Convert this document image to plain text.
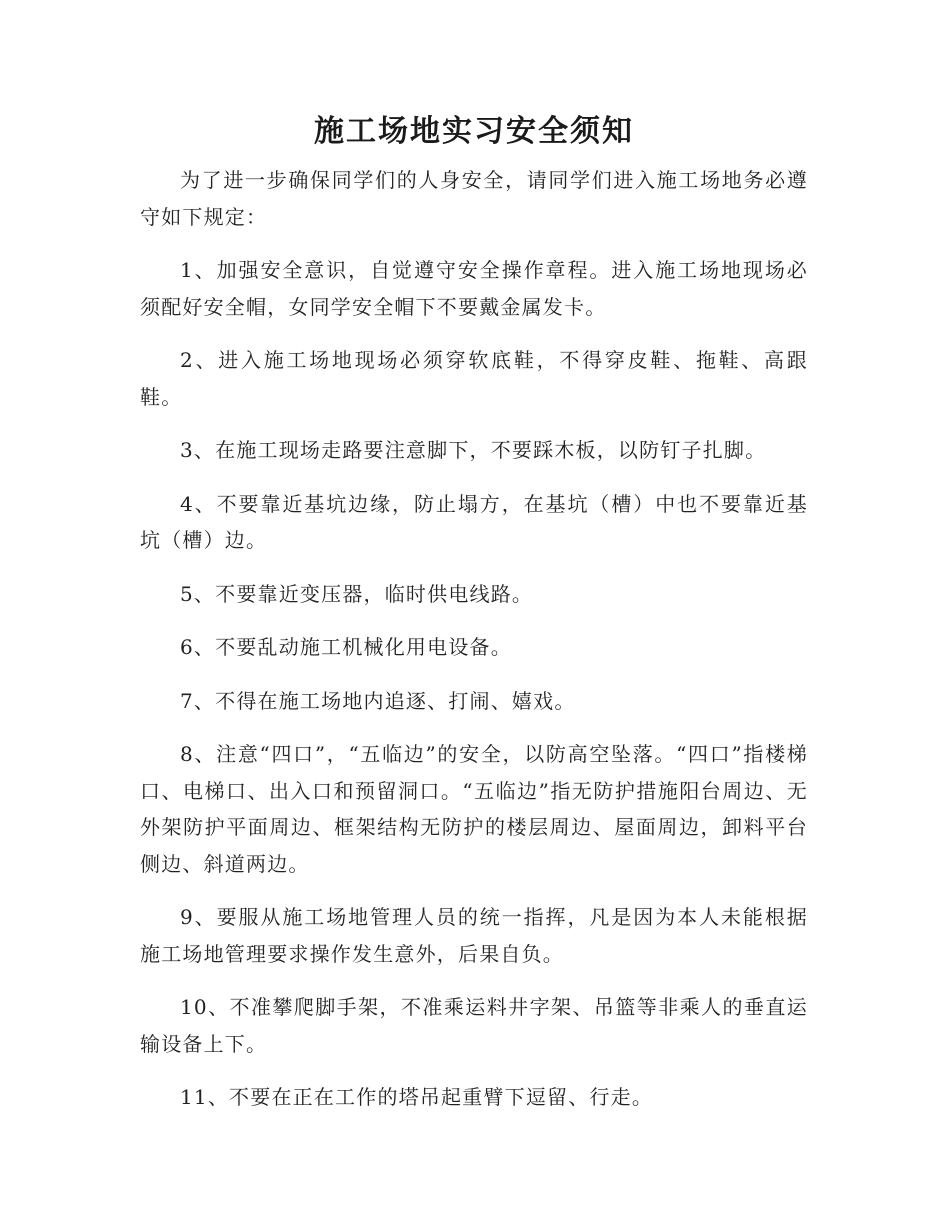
施工场地实习安全须知

为了进一步确保同学们的人身安全，请同学们进入施工场地务必遵守如下规定：

1、加强安全意识，自觉遵守安全操作章程。进入施工场地现场必须配好安全帽，女同学安全帽下不要戴金属发卡。

2、进入施工场地现场必须穿软底鞋，不得穿皮鞋、拖鞋、高跟鞋。

3、在施工现场走路要注意脚下，不要踩木板，以防钉子扎脚。

4、不要靠近基坑边缘，防止塌方，在基坑（槽）中也不要靠近基坑（槽）边。

5、不要靠近变压器，临时供电线路。

6、不要乱动施工机械化用电设备。

7、不得在施工场地内追逐、打闹、嬉戏。

8、注意“四口”，“五临边”的安全，以防高空坠落。“四口”指楼梯口、电梯口、出入口和预留洞口。“五临边”指无防护措施阳台周边、无外架防护平面周边、框架结构无防护的楼层周边、屋面周边，卸料平台侧边、斜道两边。

9、要服从施工场地管理人员的统一指挥，凡是因为本人未能根据施工场地管理要求操作发生意外，后果自负。

10、不准攀爬脚手架，不准乘运料井字架、吊篮等非乘人的垂直运输设备上下。

11、不要在正在工作的塔吊起重臂下逗留、行走。
